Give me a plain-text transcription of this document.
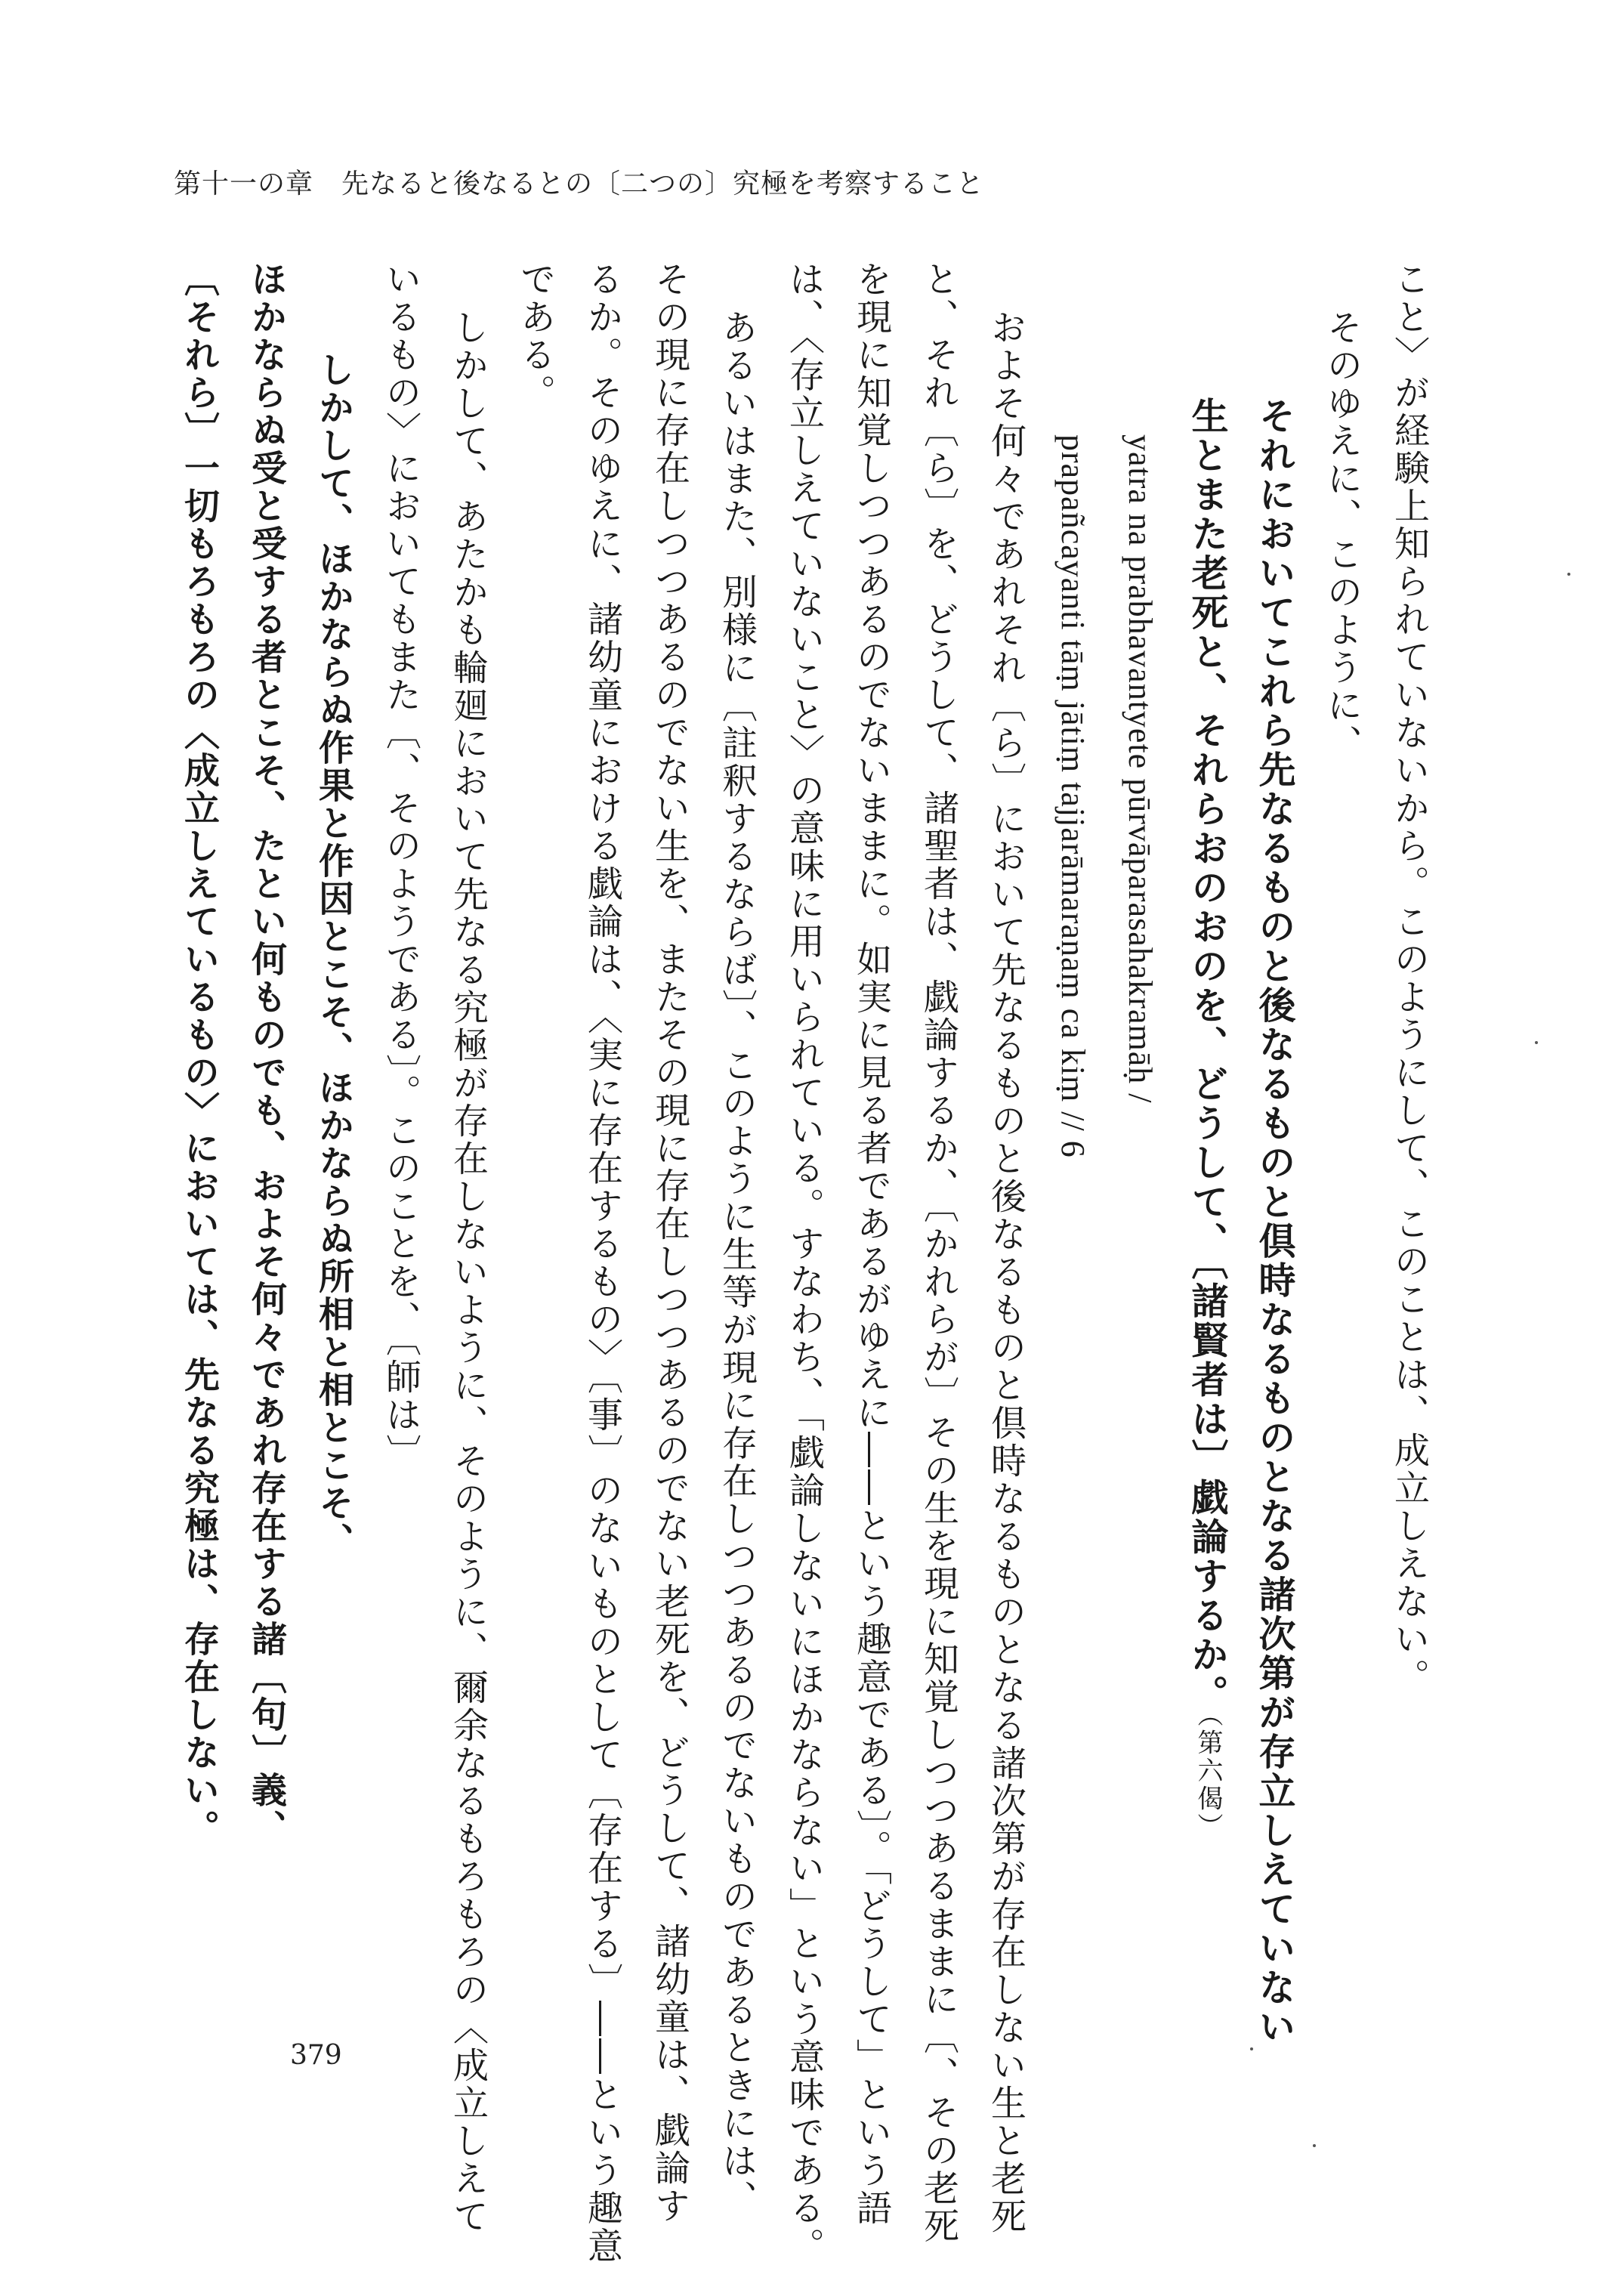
第十一の章　先なると後なるとの〔二つの〕究極を考察すること

こと〉が経験上知られていないから。このようにして、このことは、成立しえない。

そのゆえに、このように、

それにおいてこれら先なるものと後なるものと倶時なるものとなる諸次第が存立しえていない

生とまた老死と、それらおのおのを、どうして、〔諸賢者は〕戯論するか。（第六偈）

yatra na prabhavantyete pūrvāparasahakramāḥ /

prapañcayanti tāṃ jātiṃ tajjarāmaraṇaṃ ca kiṃ // 6

およそ何々であれそれ〔ら〕において先なるものと後なるものと倶時なるものとなる諸次第が存在しない生と老死

と、それ〔ら〕を、どうして、諸聖者は、戯論するか、〔かれらが〕その生を現に知覚しつつあるままに〔、その老死

を現に知覚しつつあるのでないままに。如実に見る者であるがゆえに――という趣意である〕。「どうして」という語

は、〈存立しえていないこと〉の意味に用いられている。すなわち、「戯論しないにほかならない」という意味である。

あるいはまた、別様に〔註釈するならば〕、このように生等が現に存在しつつあるのでないものであるときには、

その現に存在しつつあるのでない生を、またその現に存在しつつあるのでない老死を、どうして、諸幼童は、戯論す

るか。そのゆえに、諸幼童における戯論は、〈実に存在するもの〉〔事〕のないものとして〔存在する〕――という趣意

である。

しかして、あたかも輪廻において先なる究極が存在しないように、そのように、爾余なるもろもろの〈成立しえて

いるもの〉においてもまた〔、そのようである〕。このことを、〔師は〕

しかして、ほかならぬ作果と作因とこそ、ほかならぬ所相と相とこそ、

ほかならぬ受と受する者とこそ、たとい何ものでも、およそ何々であれ存在する諸〔句〕義、

〔それら〕一切もろもろの〈成立しえているもの〉においては、先なる究極は、存在しない。

379
